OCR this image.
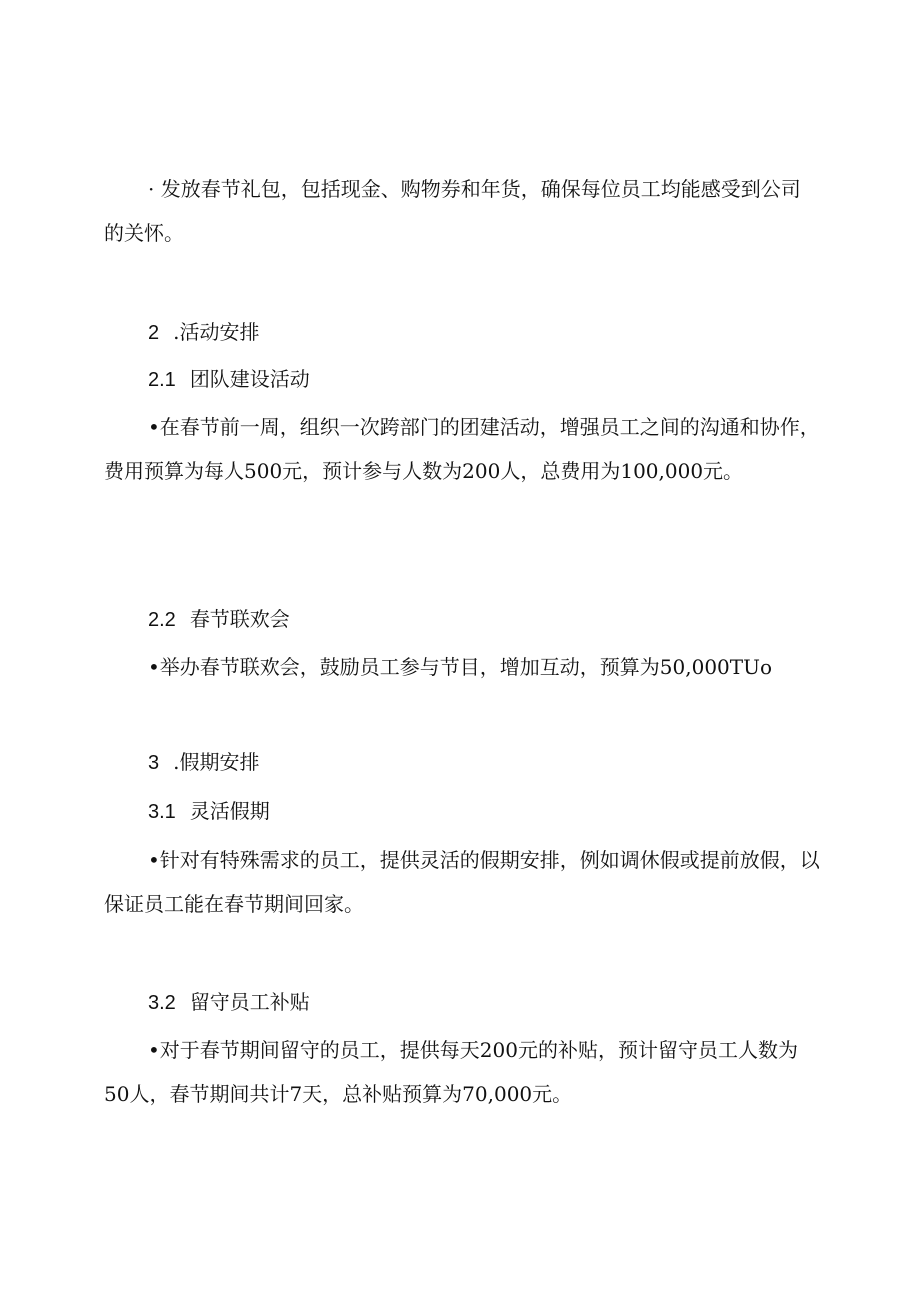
· 发放春节礼包，包括现金、购物券和年货，确保每位员工均能感受到公司的关怀。

2 .活动安排
2.1 团队建设活动

•在春节前一周，组织一次跨部门的团建活动，增强员工之间的沟通和协作，费用预算为每人500元，预计参与人数为200人，总费用为100,000元。

2.2 春节联欢会

•举办春节联欢会，鼓励员工参与节目，增加互动，预算为50,000TUo

3 .假期安排
3.1 灵活假期

•针对有特殊需求的员工，提供灵活的假期安排，例如调休假或提前放假，以保证员工能在春节期间回家。

3.2 留守员工补贴

•对于春节期间留守的员工，提供每天200元的补贴，预计留守员工人数为50人，春节期间共计7天，总补贴预算为70,000元。
